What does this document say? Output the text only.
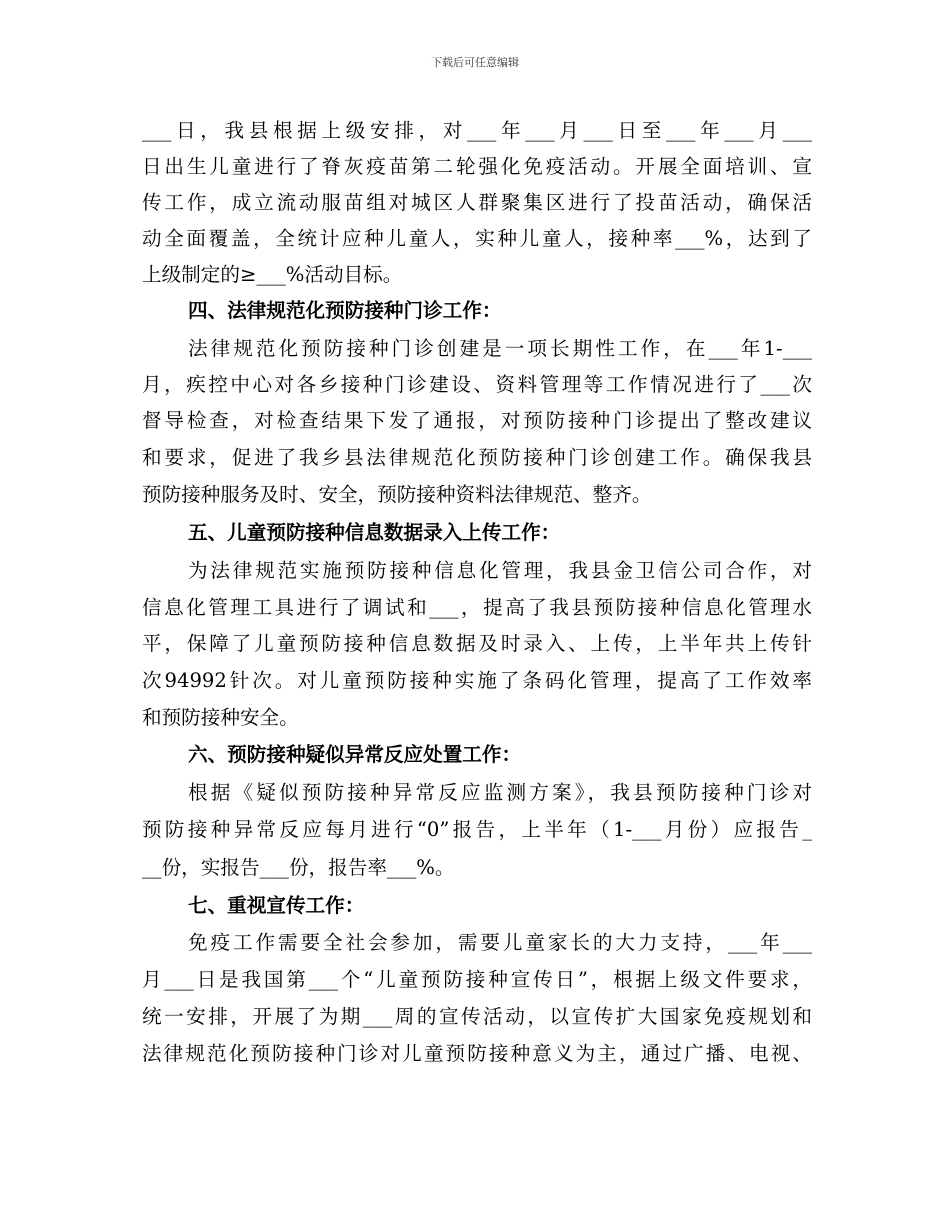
下载后可任意编辑
___日，我县根据上级安排，对___年___月___日至___年___月___
日出生儿童进行了脊灰疫苗第二轮强化免疫活动。开展全面培训、宣
传工作，成立流动服苗组对城区人群聚集区进行了投苗活动，确保活
动全面覆盖，全统计应种儿童人，实种儿童人，接种率___%，达到了
上级制定的≥___%活动目标。
四、法律规范化预防接种门诊工作：
法律规范化预防接种门诊创建是一项长期性工作，在___年1-___
月，疾控中心对各乡接种门诊建设、资料管理等工作情况进行了___次
督导检查，对检查结果下发了通报，对预防接种门诊提出了整改建议
和要求，促进了我乡县法律规范化预防接种门诊创建工作。确保我县
预防接种服务及时、安全，预防接种资料法律规范、整齐。
五、儿童预防接种信息数据录入上传工作：
为法律规范实施预防接种信息化管理，我县金卫信公司合作，对
信息化管理工具进行了调试和___，提高了我县预防接种信息化管理水
平，保障了儿童预防接种信息数据及时录入、上传，上半年共上传针
次94992针次。对儿童预防接种实施了条码化管理，提高了工作效率
和预防接种安全。
六、预防接种疑似异常反应处置工作：
根据《疑似预防接种异常反应监测方案》，我县预防接种门诊对
预防接种异常反应每月进行“0”报告，上半年（1-___月份）应报告_
__份，实报告___份，报告率___%。
七、重视宣传工作：
免疫工作需要全社会参加，需要儿童家长的大力支持，___年___
月___日是我国第___个“儿童预防接种宣传日”，根据上级文件要求，
统一安排，开展了为期___周的宣传活动，以宣传扩大国家免疫规划和
法律规范化预防接种门诊对儿童预防接种意义为主，通过广播、电视、
